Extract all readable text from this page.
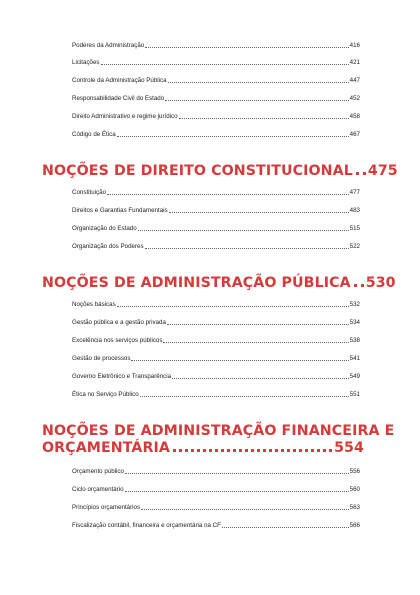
Poderes da Administração	416
Licitações	421
Controle da Administração Pública	447
Responsabilidade Civil do Estado	452
Direito Administrativo e regime jurídico	458
Código de Ética	467
NOÇÕES DE DIREITO CONSTITUCIONAL 475
Constituição	477
Direitos e Garantias Fundamentais	483
Organização do Estado	515
Organização dos Poderes	522
NOÇÕES DE ADMINISTRAÇÃO PÚBLICA 530
Noções básicas	532
Gestão pública e a gestão privada	534
Excelência nos serviços públicos	538
Gestão de processos	541
Governo Eletrônico e Transparência	549
Ética no Serviço Público	551
NOÇÕES DE ADMINISTRAÇÃO FINANCEIRA E
ORÇAMENTÁRIA	554
Orçamento público	556
Ciclo orçamentário	560
Princípios orçamentários	563
Fiscalização contábil, financeira e orçamentária na CF	566
